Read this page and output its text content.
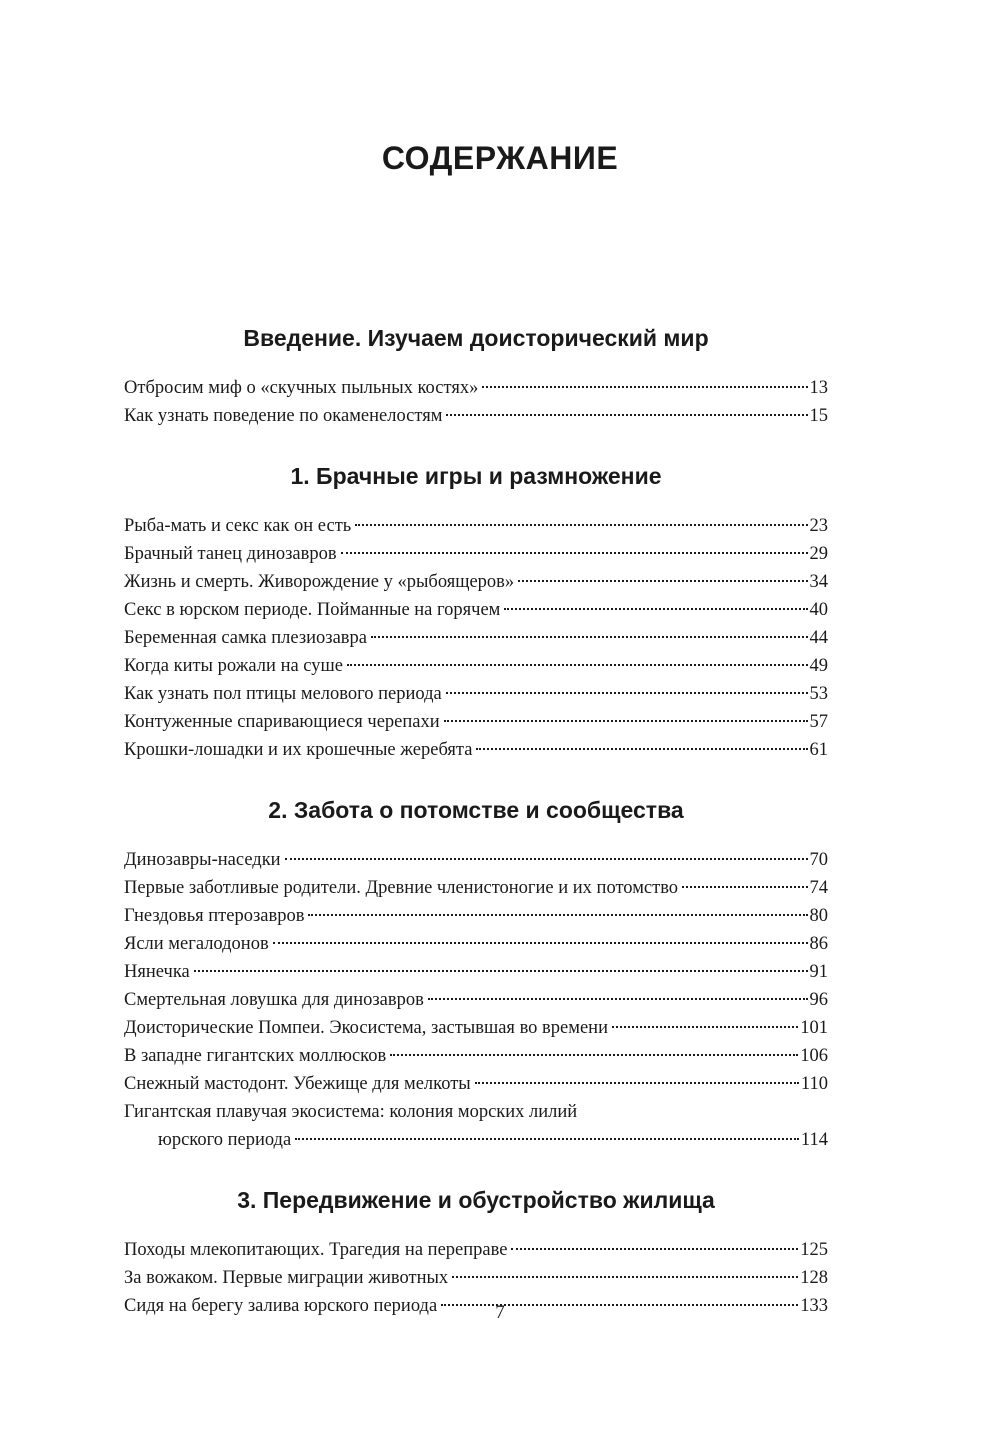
СОДЕРЖАНИЕ
Введение. Изучаем доисторический мир
Отбросим миф о «скучных пыльных костях»	13
Как узнать поведение по окаменелостям	15
1. Брачные игры и размножение
Рыба-мать и секс как он есть	23
Брачный танец динозавров	29
Жизнь и смерть. Живорождение у «рыбоящеров»	34
Секс в юрском периоде. Пойманные на горячем	40
Беременная самка плезиозавра	44
Когда киты рожали на суше	49
Как узнать пол птицы мелового периода	53
Контуженные спаривающиеся черепахи	57
Крошки-лошадки и их крошечные жеребята	61
2. Забота о потомстве и сообщества
Динозавры-наседки	70
Первые заботливые родители. Древние членистоногие и их потомство	74
Гнездовья птерозавров	80
Ясли мегалодонов	86
Нянечка	91
Смертельная ловушка для динозавров	96
Доисторические Помпеи. Экосистема, застывшая во времени	101
В западне гигантских моллюсков	106
Снежный мастодонт. Убежище для мелкоты	110
Гигантская плавучая экосистема: колония морских лилий
юрского периода	114
3. Передвижение и обустройство жилища
Походы млекопитающих. Трагедия на переправе	125
За вожаком. Первые миграции животных	128
Сидя на берегу залива юрского периода	133
7
